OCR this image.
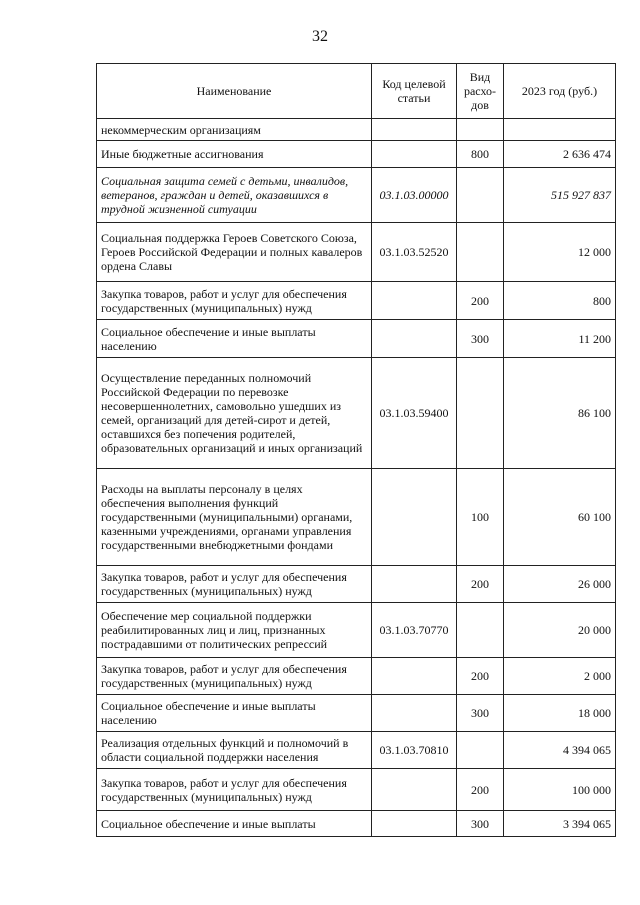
32
Наименование	Код целевой статьи	Вид расхо-дов	2023 год (руб.)
некоммерческим организациям			
Иные бюджетные ассигнования		800	2 636 474
Социальная защита семей с детьми, инвалидов, ветеранов, граждан и детей, оказавшихся в трудной жизненной ситуации	03.1.03.00000		515 927 837
Социальная поддержка Героев Советского Союза, Героев Российской Федерации и полных кавалеров ордена Славы	03.1.03.52520		12 000
Закупка товаров, работ и услуг для обеспечения государственных (муниципальных) нужд		200	800
Социальное обеспечение и иные выплаты населению		300	11 200
Осуществление переданных полномочий Российской Федерации по перевозке несовершеннолетних, самовольно ушедших из семей, организаций для детей-сирот и детей, оставшихся без попечения родителей, образовательных организаций и иных организаций	03.1.03.59400		86 100
Расходы на выплаты персоналу в целях обеспечения выполнения функций государственными (муниципальными) органами, казенными учреждениями, органами управления государственными внебюджетными фондами		100	60 100
Закупка товаров, работ и услуг для обеспечения государственных (муниципальных) нужд		200	26 000
Обеспечение мер социальной поддержки реабилитированных лиц и лиц, признанных пострадавшими от политических репрессий	03.1.03.70770		20 000
Закупка товаров, работ и услуг для обеспечения государственных (муниципальных) нужд		200	2 000
Социальное обеспечение и иные выплаты населению		300	18 000
Реализация отдельных функций и полномочий в области социальной поддержки населения	03.1.03.70810		4 394 065
Закупка товаров, работ и услуг для обеспечения государственных (муниципальных) нужд		200	100 000
Социальное обеспечение и иные выплаты		300	3 394 065
